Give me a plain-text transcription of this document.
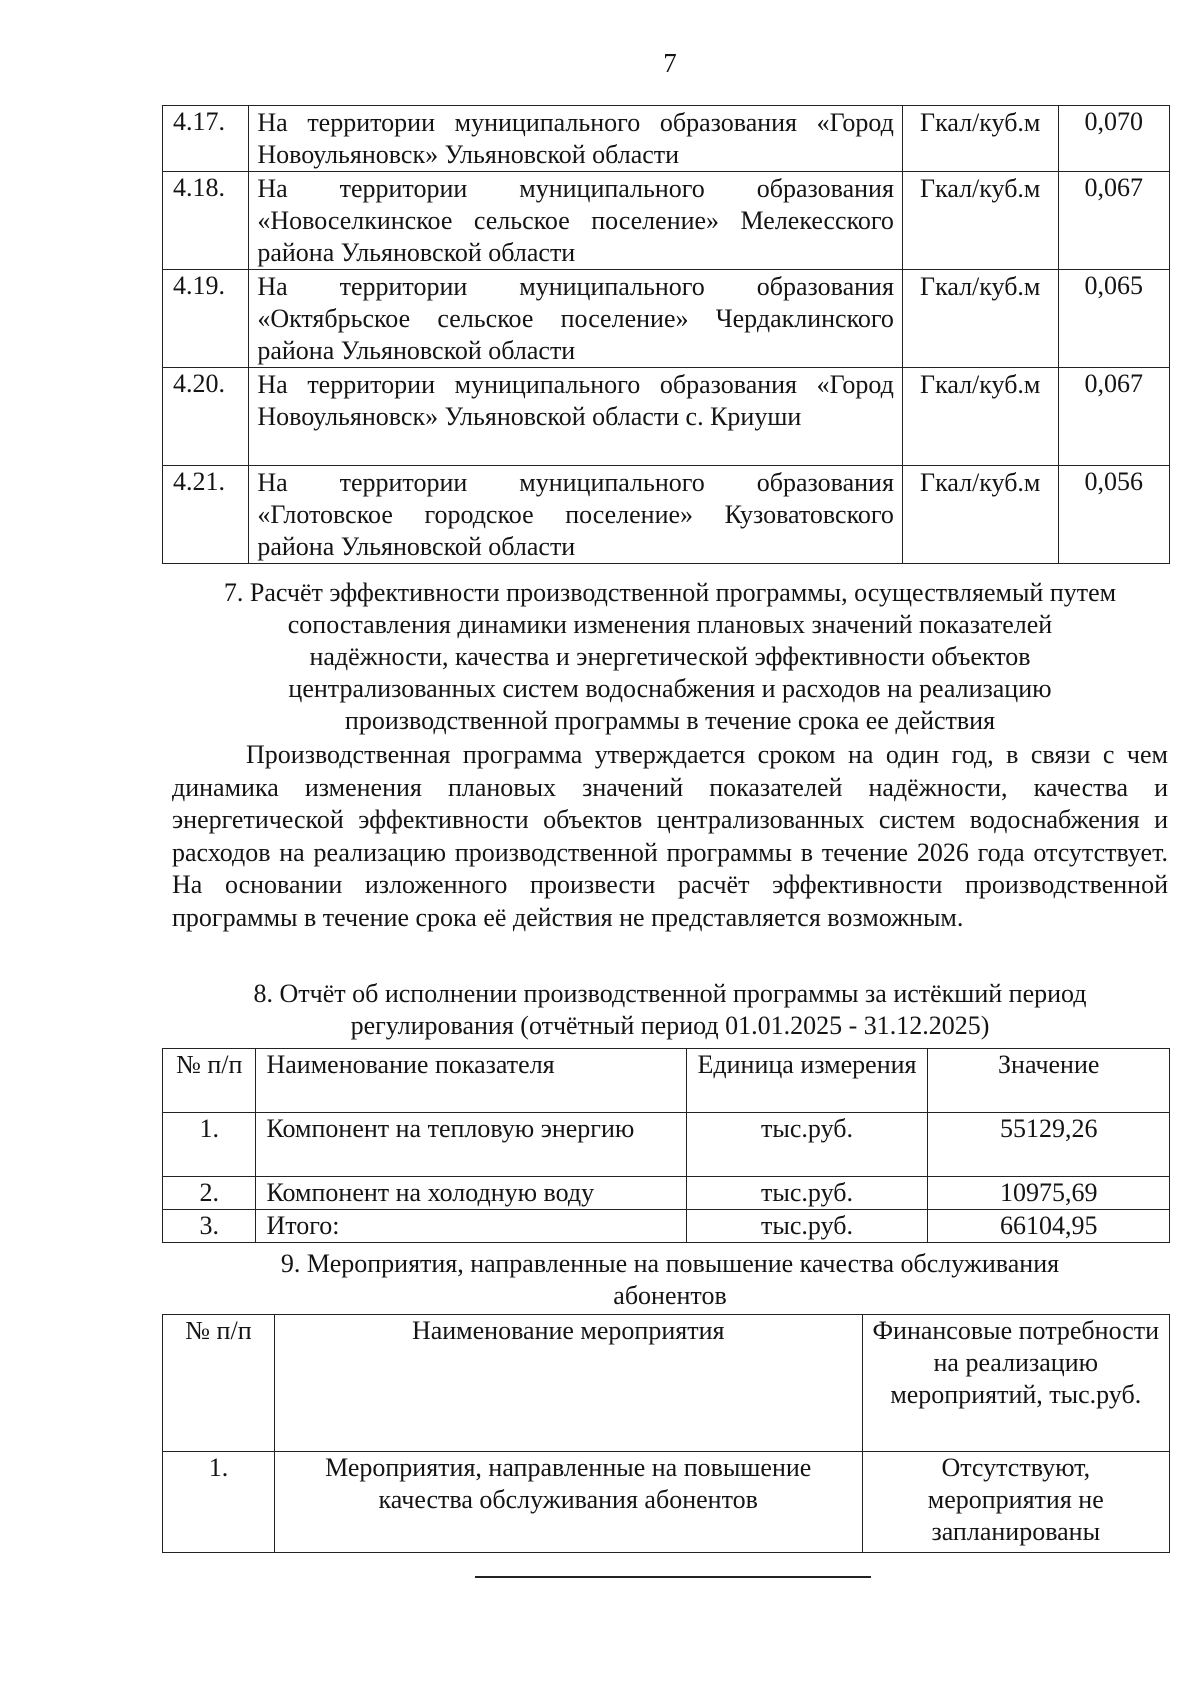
7
4.17.	На территории муниципального образования «Город Новоульяновск» Ульяновской области	Гкал/куб.м	0,070
4.18.	На территории муниципального образования «Новоселкинское сельское поселение» Мелекесского района Ульяновской области	Гкал/куб.м	0,067
4.19.	На территории муниципального образования «Октябрьское сельское поселение» Чердаклинского района Ульяновской области	Гкал/куб.м	0,065
4.20.	На территории муниципального образования «Город Новоульяновск» Ульяновской области с. Криуши	Гкал/куб.м	0,067
4.21.	На территории муниципального образования «Глотовское городское поселение» Кузоватовского района Ульяновской области	Гкал/куб.м	0,056
7. Расчёт эффективности производственной программы, осуществляемый путем
сопоставления динамики изменения плановых значений показателей
надёжности, качества и энергетической эффективности объектов
централизованных систем водоснабжения и расходов на реализацию
производственной программы в течение срока ее действия
Производственная программа утверждается сроком на один год, в связи с чем динамика изменения плановых значений показателей надёжности, качества и энергетической эффективности объектов централизованных систем водоснабжения и расходов на реализацию производственной программы в течение 2026 года отсутствует. На основании изложенного произвести расчёт эффективности производственной программы в течение срока её действия не представляется возможным.
8. Отчёт об исполнении производственной программы за истёкший период
регулирования (отчётный период 01.01.2025 - 31.12.2025)
№ п/п	Наименование показателя	Единица измерения	Значение
1.	Компонент на тепловую энергию	тыс.руб.	55129,26
2.	Компонент на холодную воду	тыс.руб.	10975,69
3.	Итого:	тыс.руб.	66104,95
9. Мероприятия, направленные на повышение качества обслуживания
абонентов
№ п/п	Наименование мероприятия	Финансовые потребности на реализацию мероприятий, тыс.руб.
1.	Мероприятия, направленные на повышение качества обслуживания абонентов	Отсутствуют, мероприятия не запланированы
